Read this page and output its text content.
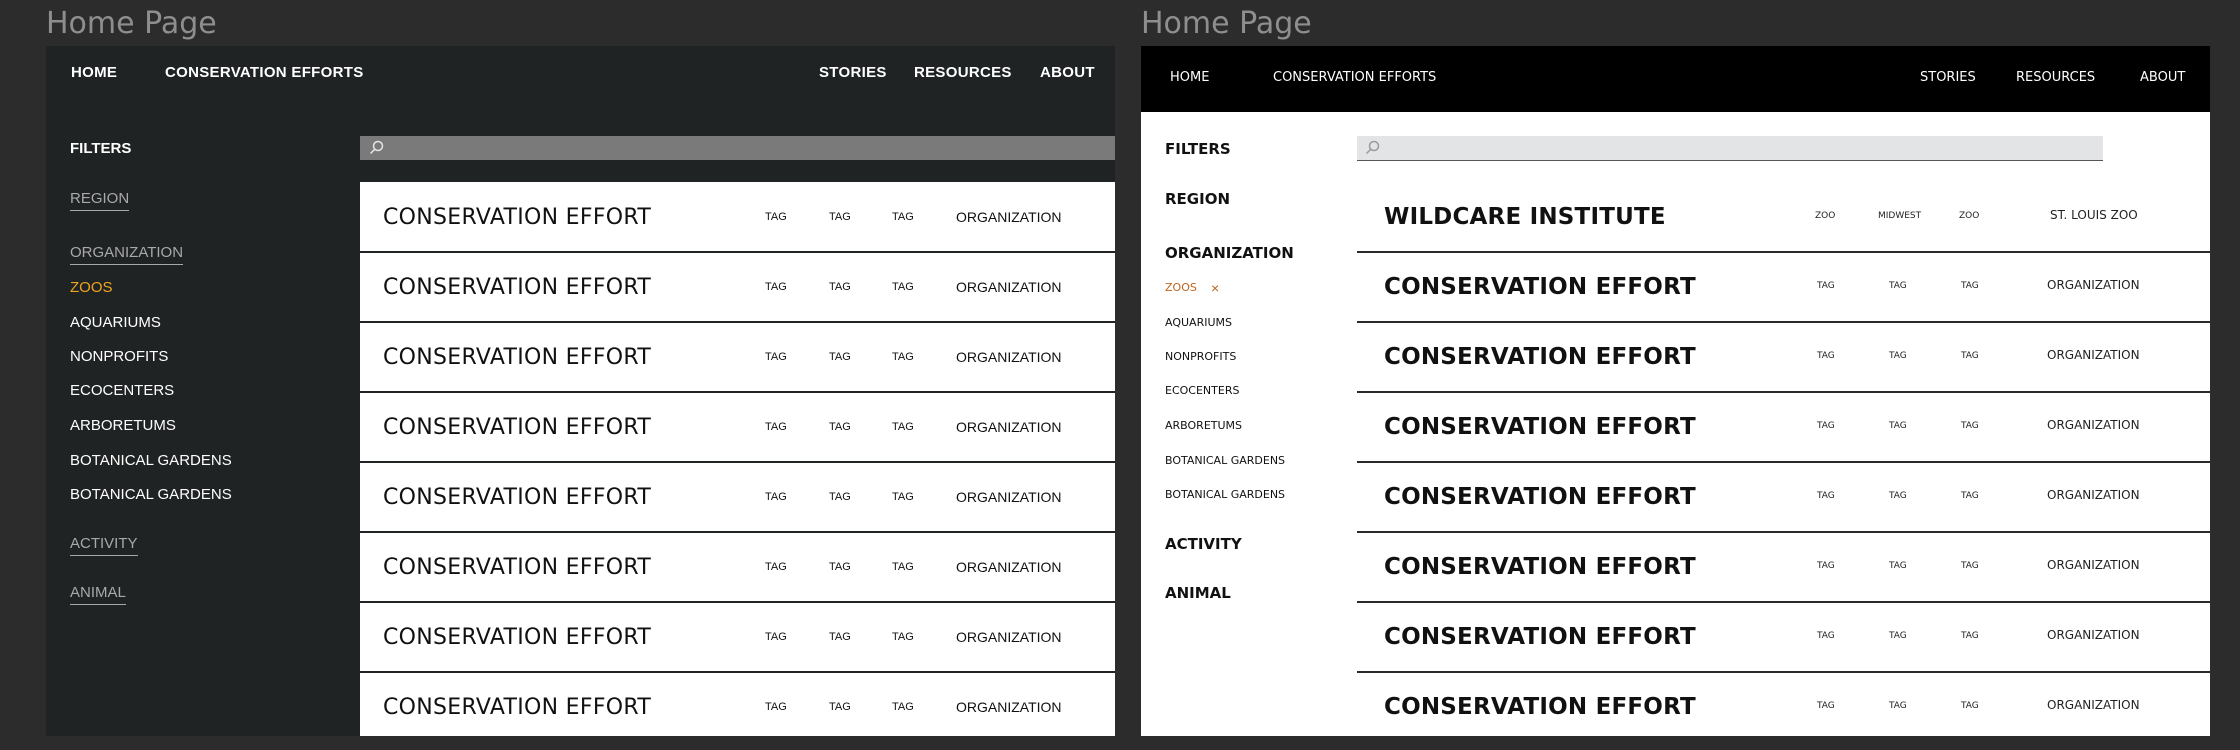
Home Page	Home Page
HOME	CONSERVATION EFFORTS	STORIES RESOURCES ABOUT
FILTERS
REGION
ORGANIZATION
ZOOS
AQUARIUMS
NONPROFITS
ECOCENTERS
ARBORETUMS
BOTANICAL GARDENS
BOTANICAL GARDENS
ACTIVITY
ANIMAL
CONSERVATION EFFORT	TAG	TAG	TAG	ORGANIZATION
CONSERVATION EFFORT	TAG	TAG	TAG	ORGANIZATION
CONSERVATION EFFORT	TAG	TAG	TAG	ORGANIZATION
CONSERVATION EFFORT	TAG	TAG	TAG	ORGANIZATION
CONSERVATION EFFORT	TAG	TAG	TAG	ORGANIZATION
CONSERVATION EFFORT	TAG	TAG	TAG	ORGANIZATION
CONSERVATION EFFORT	TAG	TAG	TAG	ORGANIZATION
CONSERVATION EFFORT	TAG	TAG	TAG	ORGANIZATION
HOME	CONSERVATION EFFORTS	STORIES	RESOURCES	ABOUT
FILTERS
REGION
ORGANIZATION
ZOOS ×
AQUARIUMS
NONPROFITS
ECOCENTERS
ARBORETUMS
BOTANICAL GARDENS
BOTANICAL GARDENS
ACTIVITY
ANIMAL
WILDCARE INSTITUTE	ZOO	MIDWEST	ZOO	ST. LOUIS ZOO
CONSERVATION EFFORT	TAG	TAG	TAG	ORGANIZATION
CONSERVATION EFFORT	TAG	TAG	TAG	ORGANIZATION
CONSERVATION EFFORT	TAG	TAG	TAG	ORGANIZATION
CONSERVATION EFFORT	TAG	TAG	TAG	ORGANIZATION
CONSERVATION EFFORT	TAG	TAG	TAG	ORGANIZATION
CONSERVATION EFFORT	TAG	TAG	TAG	ORGANIZATION
CONSERVATION EFFORT	TAG	TAG	TAG	ORGANIZATION
